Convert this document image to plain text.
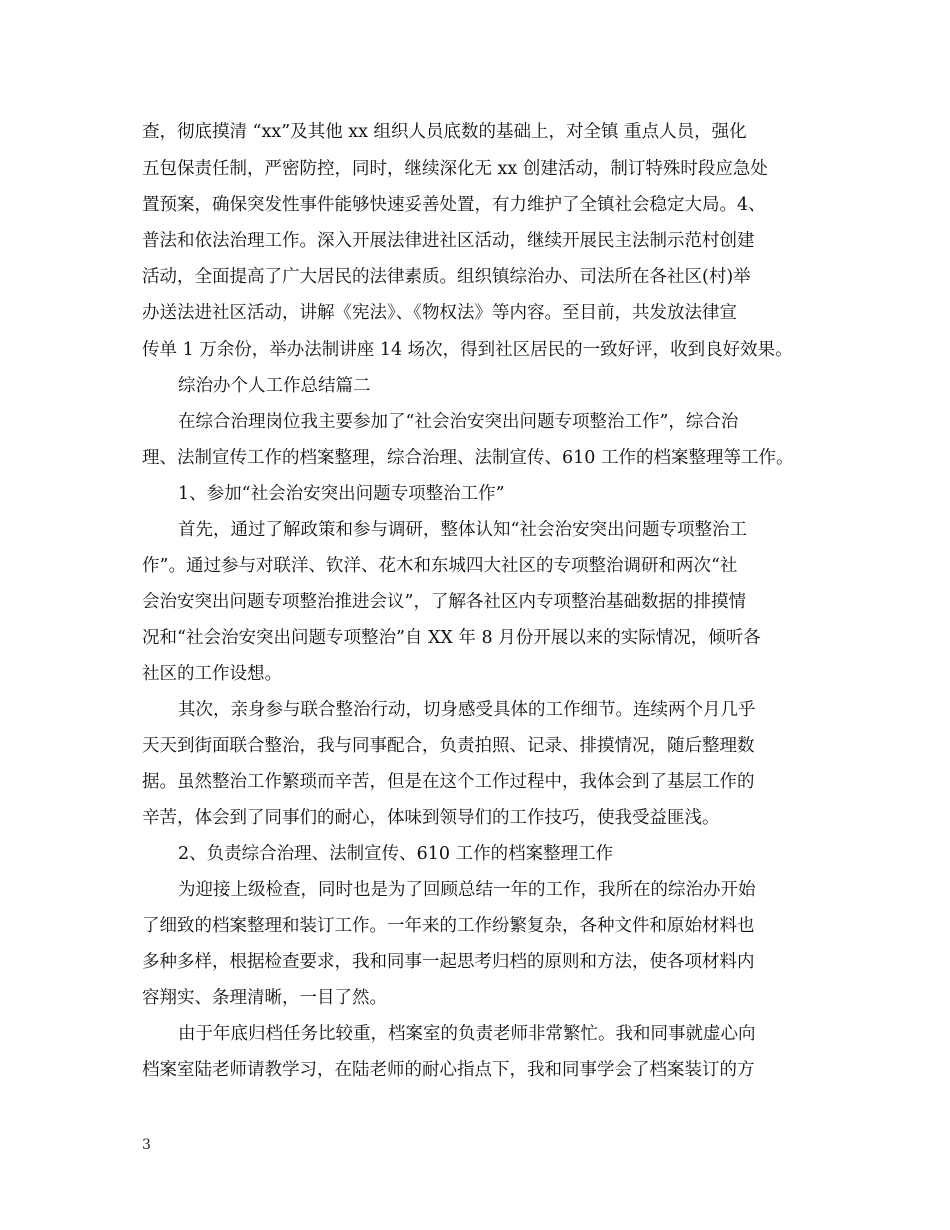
查，彻底摸清 “xx”及其他 xx 组织人员底数的基础上，对全镇 重点人员，强化
五包保责任制，严密防控，同时，继续深化无 xx 创建活动，制订特殊时段应急处
置预案，确保突发性事件能够快速妥善处置，有力维护了全镇社会稳定大局。4、
普法和依法治理工作。深入开展法律进社区活动，继续开展民主法制示范村创建
活动，全面提高了广大居民的法律素质。组织镇综治办、司法所在各社区(村)举
办送法进社区活动，讲解《宪法》、《物权法》等内容。至目前，共发放法律宣
传单 1 万余份，举办法制讲座 14 场次，得到社区居民的一致好评，收到良好效果。
综治办个人工作总结篇二
在综合治理岗位我主要参加了“社会治安突出问题专项整治工作”，综合治
理、法制宣传工作的档案整理，综合治理、法制宣传、610 工作的档案整理等工作。
1、参加“社会治安突出问题专项整治工作”
首先，通过了解政策和参与调研，整体认知“社会治安突出问题专项整治工
作”。通过参与对联洋、钦洋、花木和东城四大社区的专项整治调研和两次“社
会治安突出问题专项整治推进会议”，了解各社区内专项整治基础数据的排摸情
况和“社会治安突出问题专项整治”自 XX 年 8 月份开展以来的实际情况，倾听各
社区的工作设想。
其次，亲身参与联合整治行动，切身感受具体的工作细节。连续两个月几乎
天天到街面联合整治，我与同事配合，负责拍照、记录、排摸情况，随后整理数
据。虽然整治工作繁琐而辛苦，但是在这个工作过程中，我体会到了基层工作的
辛苦，体会到了同事们的耐心，体味到领导们的工作技巧，使我受益匪浅。
2、负责综合治理、法制宣传、610 工作的档案整理工作
为迎接上级检查，同时也是为了回顾总结一年的工作，我所在的综治办开始
了细致的档案整理和装订工作。一年来的工作纷繁复杂，各种文件和原始材料也
多种多样，根据检查要求，我和同事一起思考归档的原则和方法，使各项材料内
容翔实、条理清晰，一目了然。
由于年底归档任务比较重，档案室的负责老师非常繁忙。我和同事就虚心向
档案室陆老师请教学习，在陆老师的耐心指点下，我和同事学会了档案装订的方
3
